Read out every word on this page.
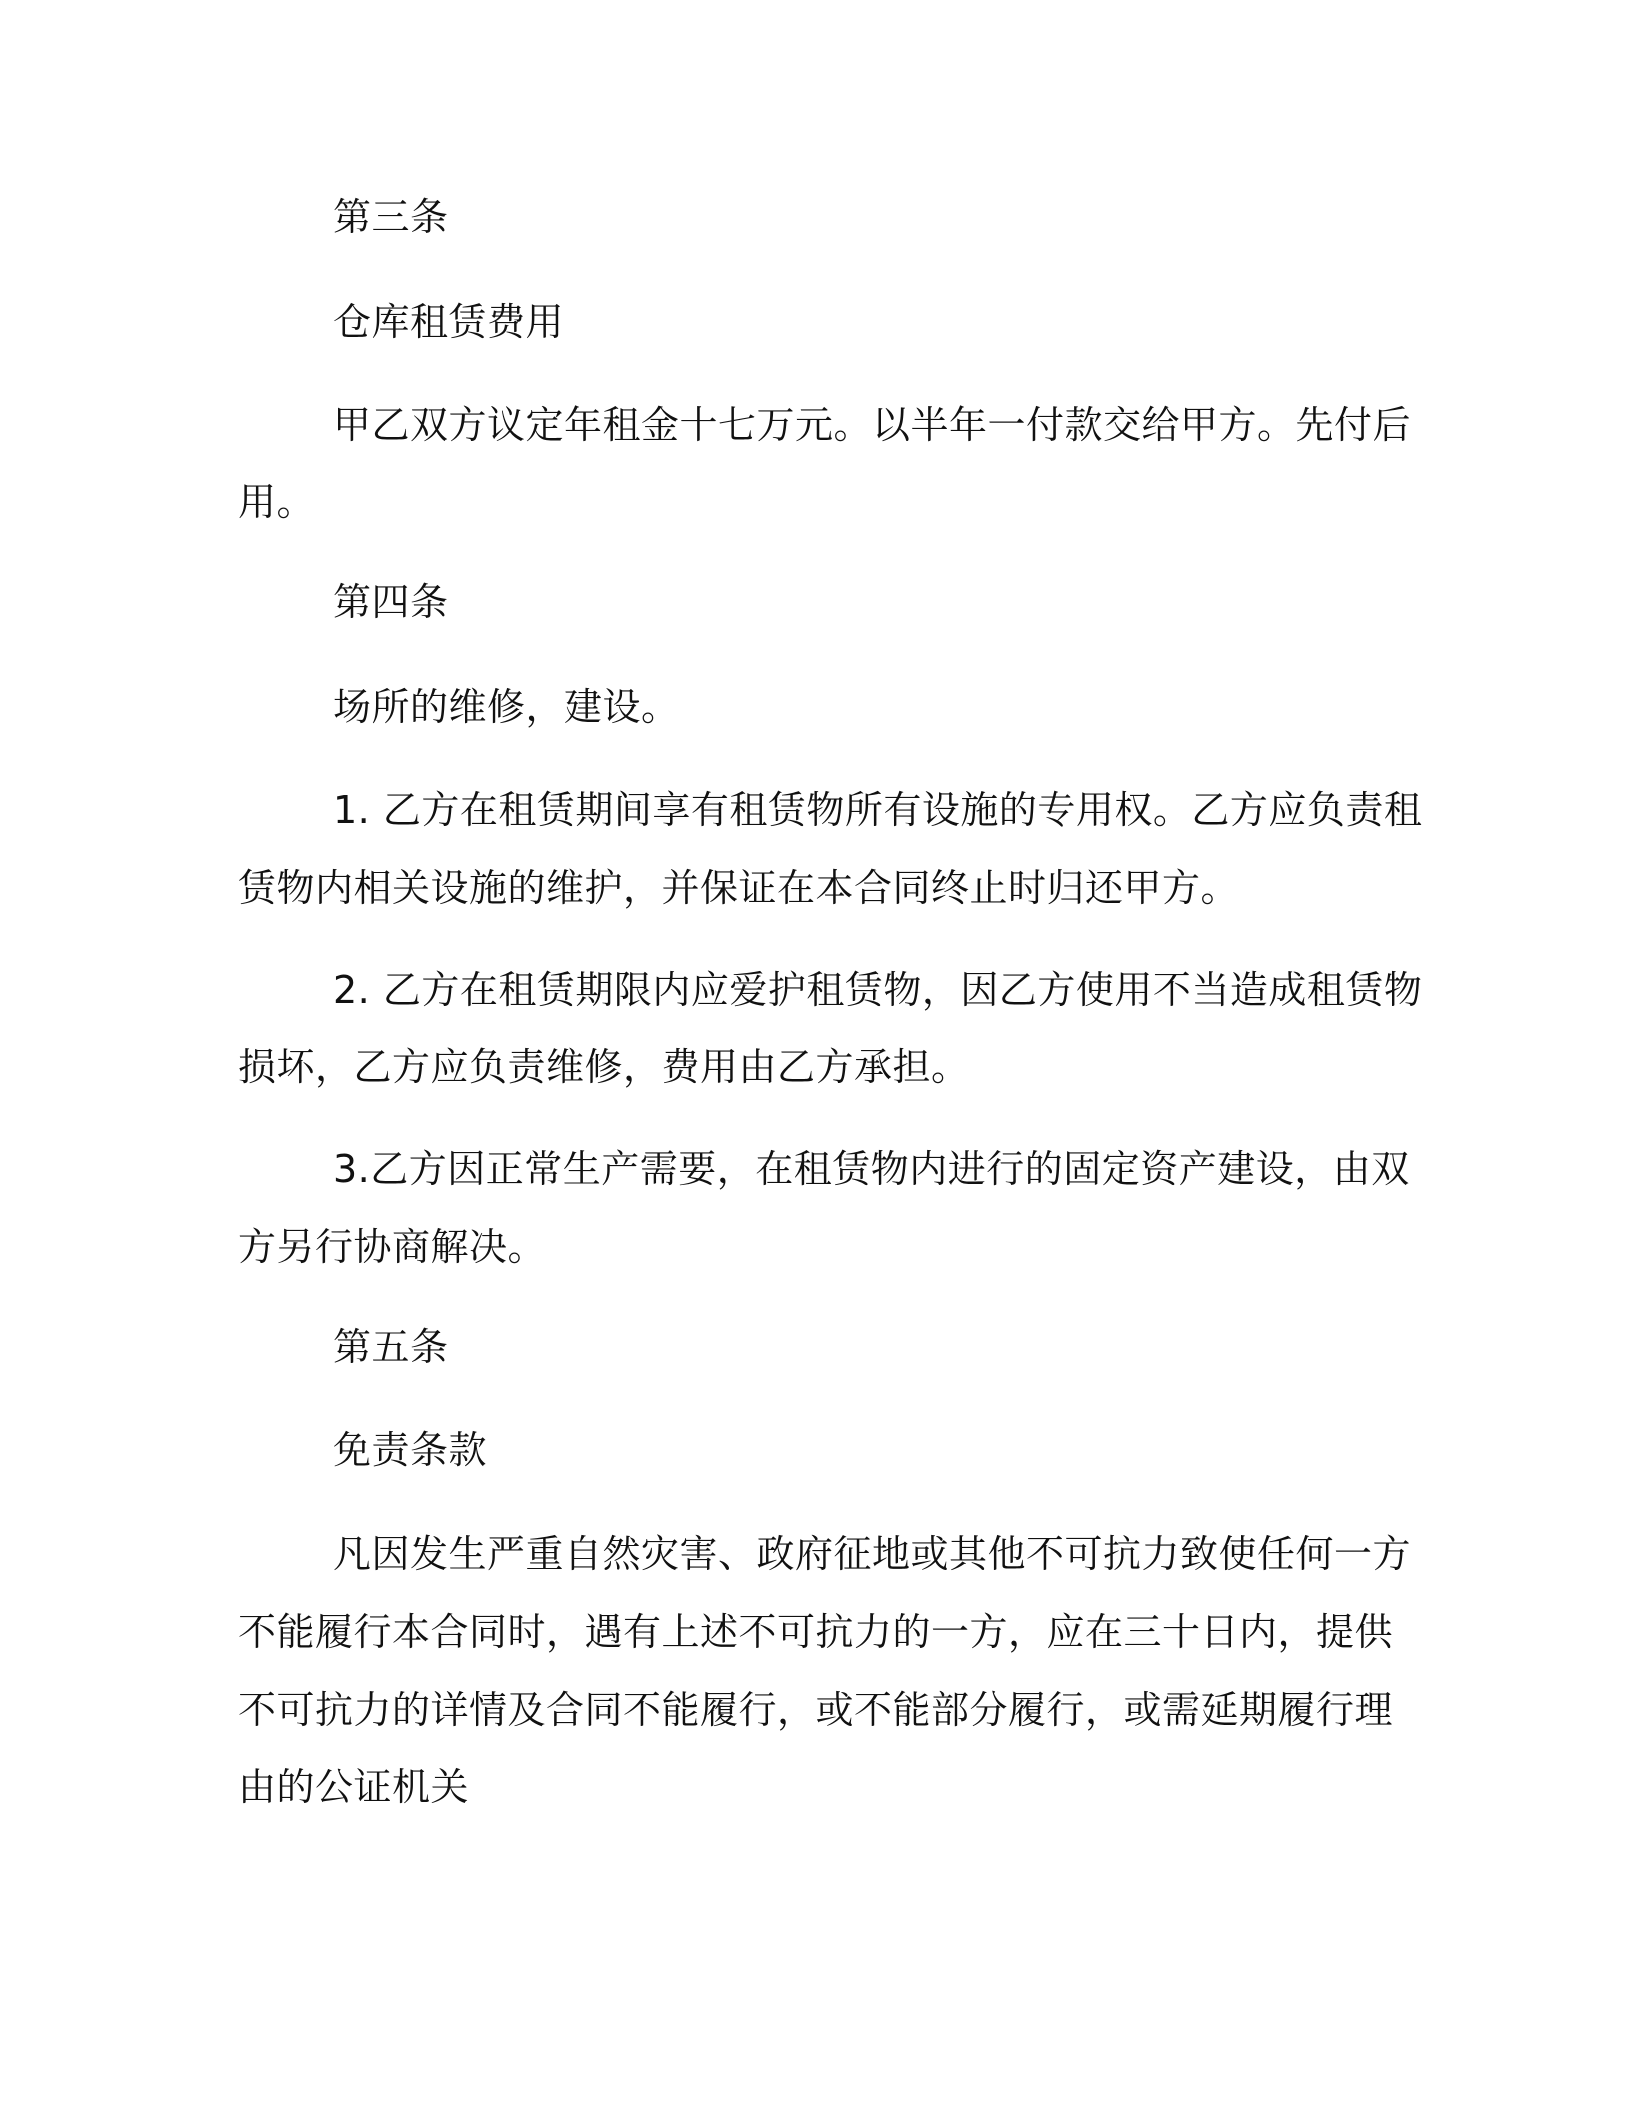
第三条
仓库租赁费用
甲乙双方议定年租金十七万元。以半年一付款交给甲方。先付后
用。
第四条
场所的维修，建设。
1. 乙方在租赁期间享有租赁物所有设施的专用权。乙方应负责租
赁物内相关设施的维护，并保证在本合同终止时归还甲方。
2. 乙方在租赁期限内应爱护租赁物，因乙方使用不当造成租赁物
损坏，乙方应负责维修，费用由乙方承担。
3.乙方因正常生产需要，在租赁物内进行的固定资产建设，由双
方另行协商解决。
第五条
免责条款
凡因发生严重自然灾害、政府征地或其他不可抗力致使任何一方
不能履行本合同时，遇有上述不可抗力的一方，应在三十日内，提供
不可抗力的详情及合同不能履行，或不能部分履行，或需延期履行理
由的公证机关
